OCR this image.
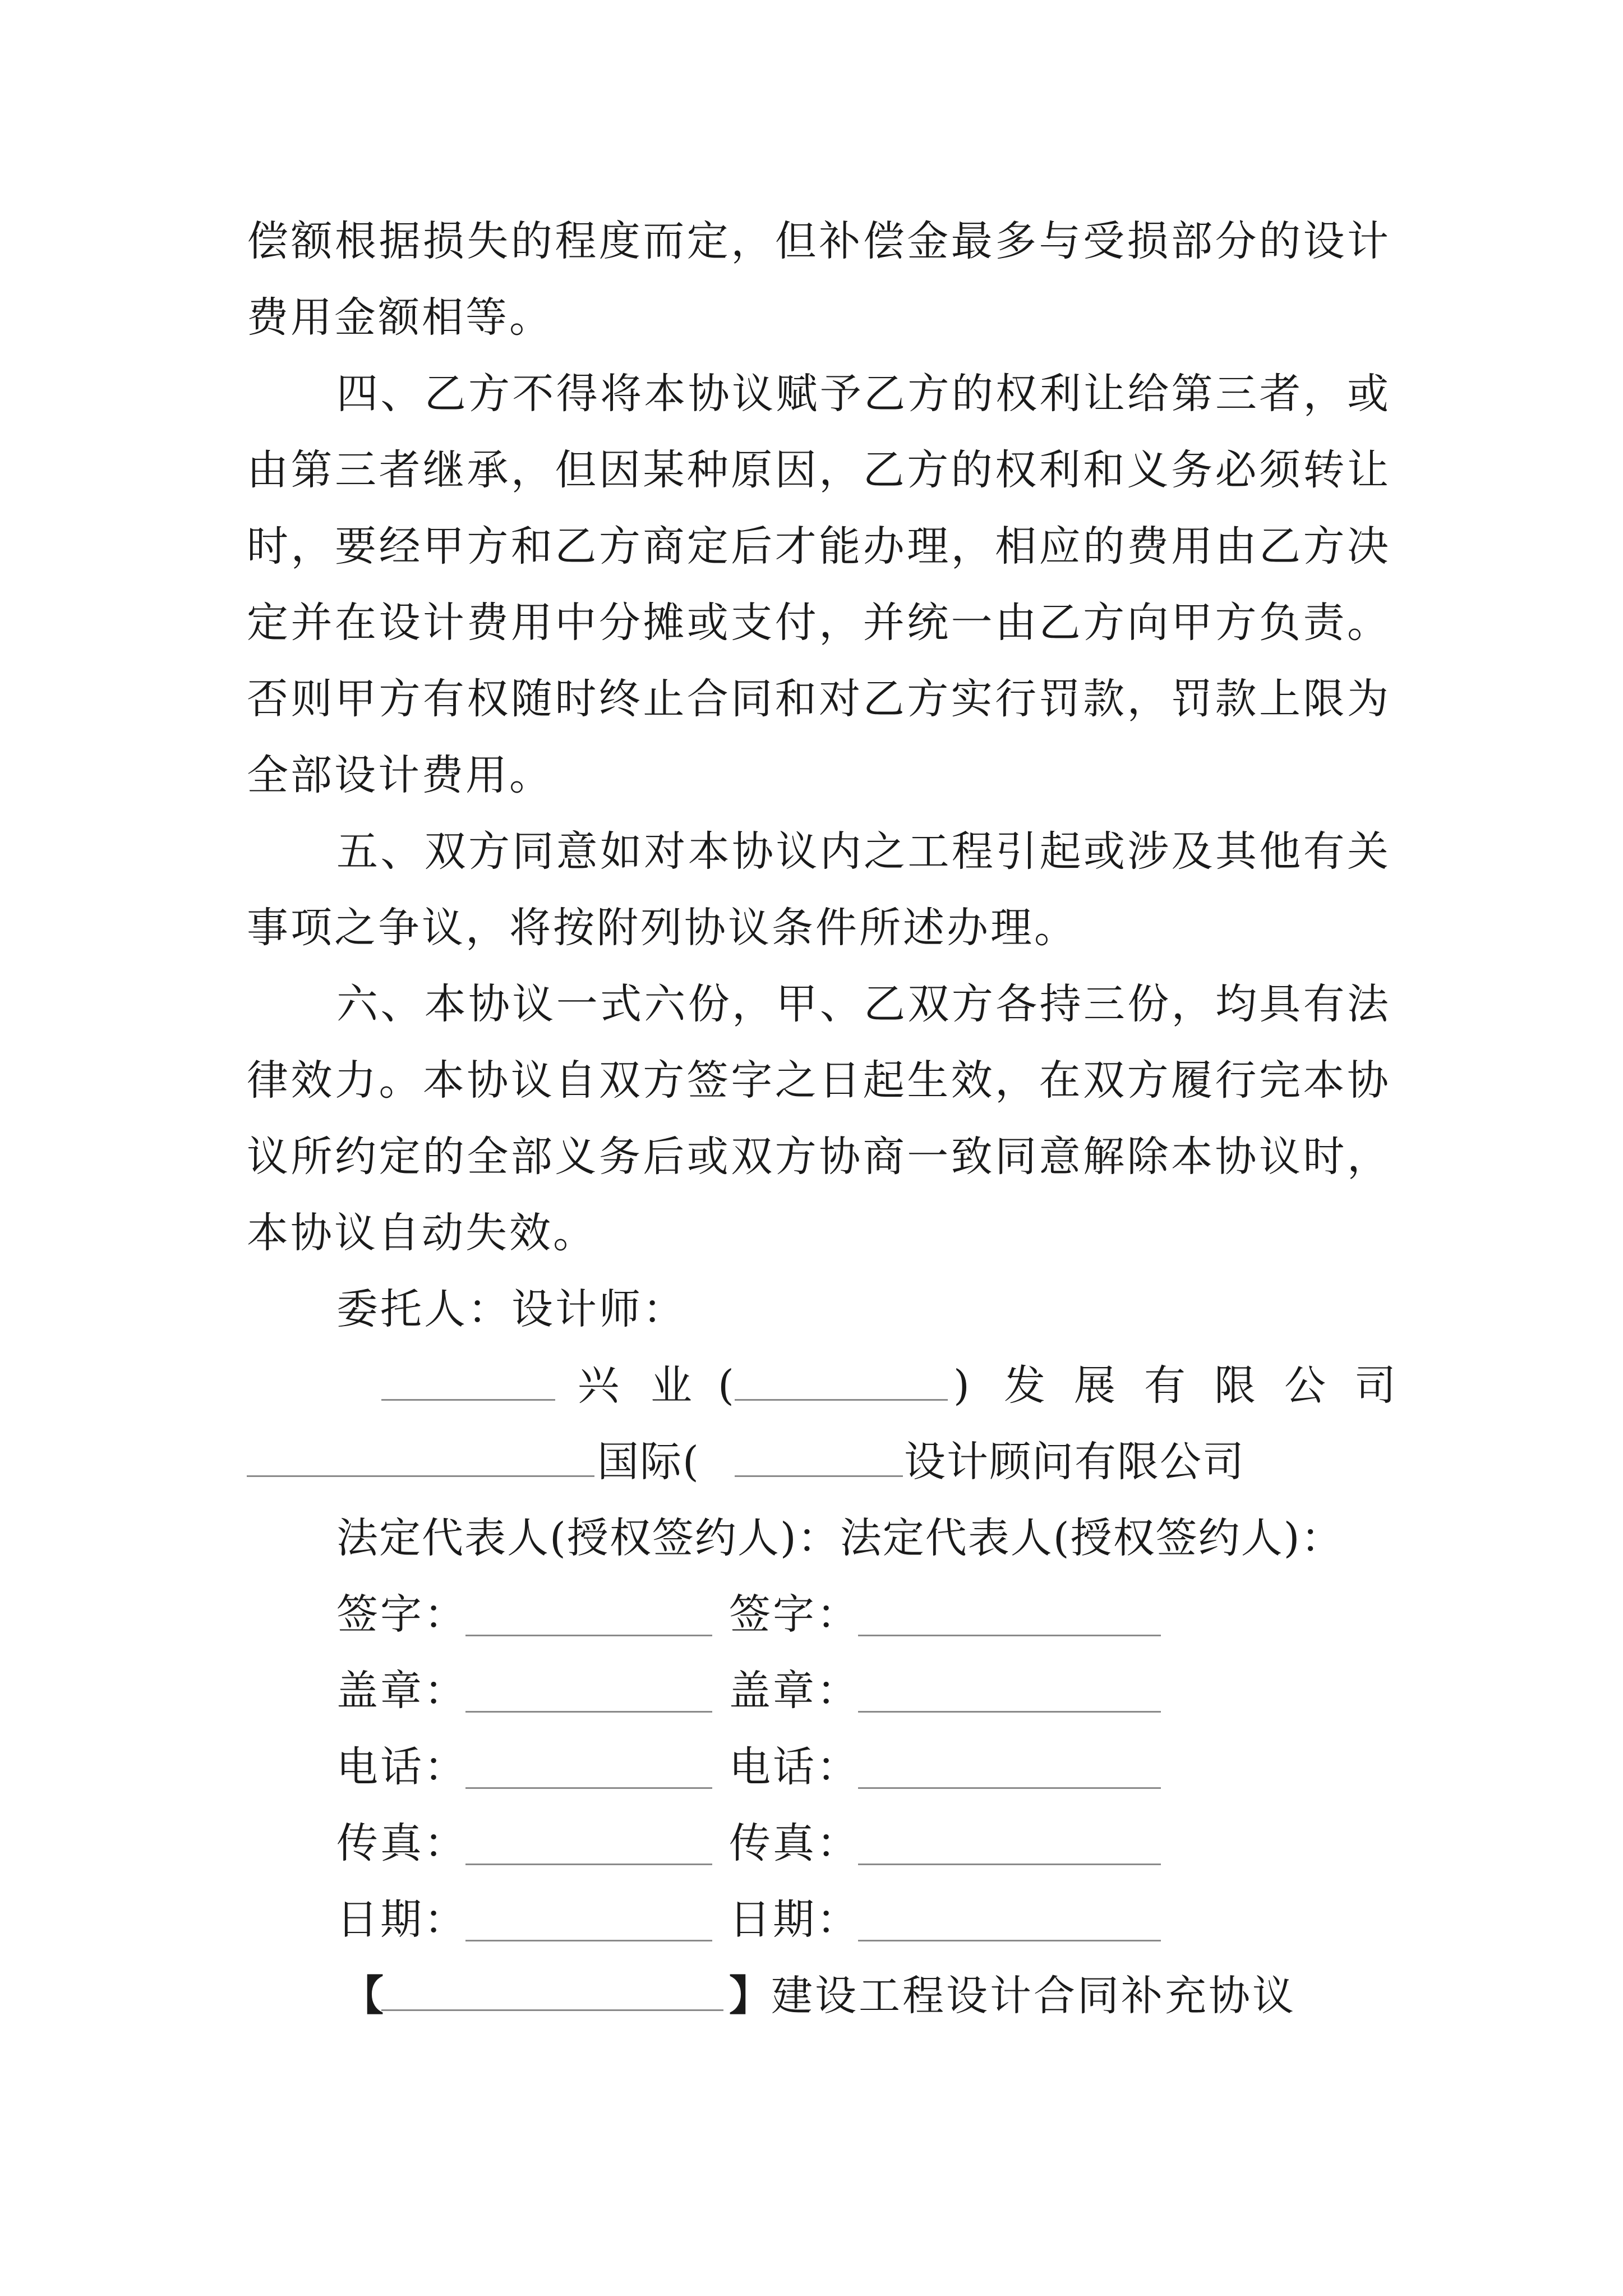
偿额根据损失的程度而定，但补偿金最多与受损部分的设计
费用金额相等。
四、乙方不得将本协议赋予乙方的权利让给第三者，或
由第三者继承，但因某种原因，乙方的权利和义务必须转让
时，要经甲方和乙方商定后才能办理，相应的费用由乙方决
定并在设计费用中分摊或支付，并统一由乙方向甲方负责。
否则甲方有权随时终止合同和对乙方实行罚款，罚款上限为
全部设计费用。
五、双方同意如对本协议内之工程引起或涉及其他有关
事项之争议，将按附列协议条件所述办理。
六、本协议一式六份，甲、乙双方各持三份，均具有法
律效力。本协议自双方签字之日起生效，在双方履行完本协
议所约定的全部义务后或双方协商一致同意解除本协议时，
本协议自动失效。
委托人：设计师：
兴 业 (	) 发 展 有 限 公 司
国际(	设计顾问有限公司
法定代表人(授权签约人)：法定代表人(授权签约人)：
签字：	签字：
盖章：	盖章：
电话：	电话：
传真：	传真：
日期：	日期：
【	】 建设工程设计合同补充协议
